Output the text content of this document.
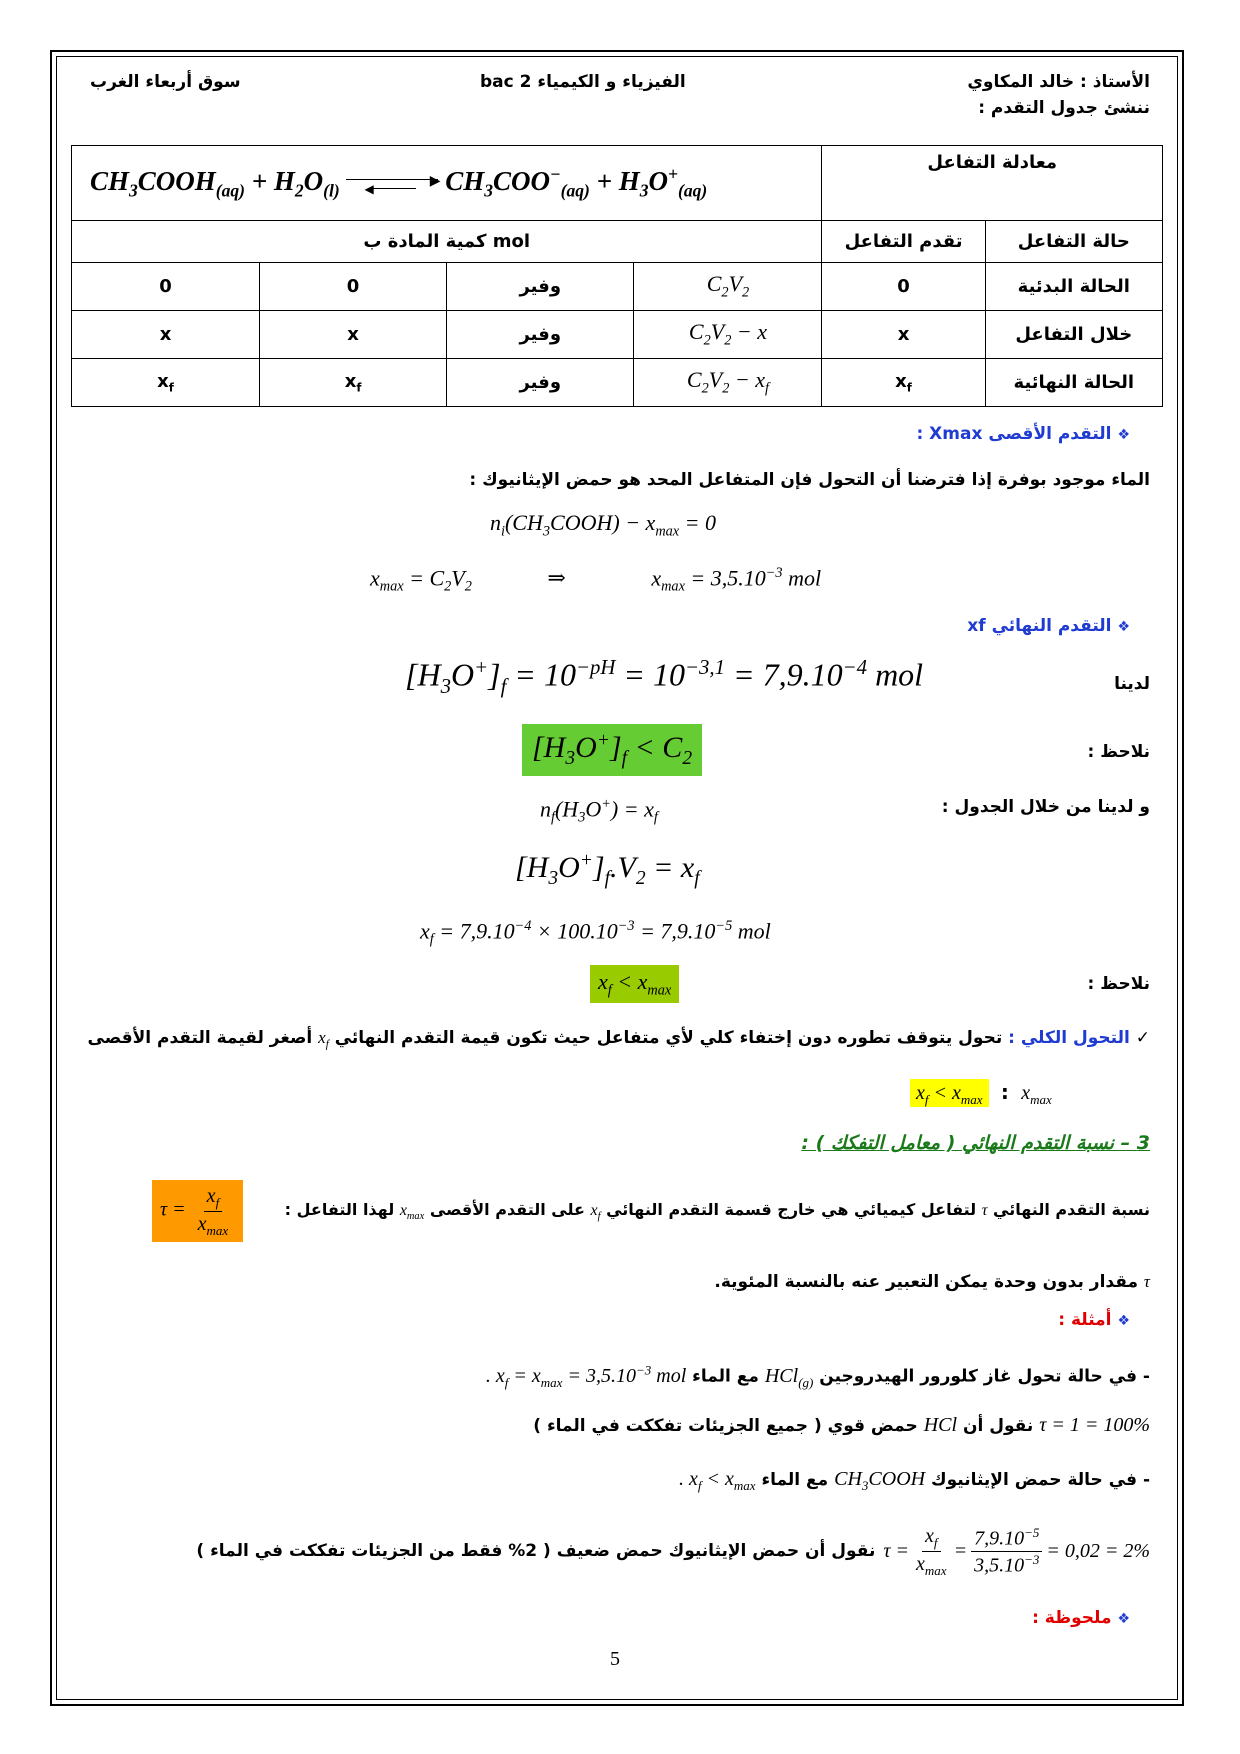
الأستاذ : خالد المكاوي
الفيزياء و الكيمياء 2 bac
سوق أربعاء الغرب
ننشئ جدول التقدم :
$CH_3COOH_{(aq)} + H_2O_{(l)}$ ▶
◀ $CH_3COO^-_{(aq)} + H_3O^+_{(aq)}$				معادلة التفاعل	
كمية المادة ب mol				تقدم التفاعل	حالة التفاعل
0	0	وفير	$C_2V_2$	0	الحالة البدئية
x	x	وفير	$C_2V_2 - x$	x	خلال التفاعل
$x_f$	$x_f$	وفير	$C_2V_2 - x_f$	$x_f$	الحالة النهائية
❖ التقدم الأقصى Xmax :
الماء موجود بوفرة إذا فترضنا أن التحول فإن المتفاعل المحد هو حمض الإيثانيوك :
$n_i(CH_3COOH) - x_{max} = 0$
$x_{max} = C_2V_2$	⇒	$x_{max} = 3,5.10^{-3}$ mol
❖ التقدم النهائي xf
لدينا
$[H_3O^+]_f = 10^{-pH} = 10^{-3,1} = 7,9.10^{-4}$ mol
نلاحظ :
$[H_3O^+]_f < C_2$
و لدينا من خلال الجدول :
$n_f(H_3O^+) = x_f$
$[H_3O^+]_f.V_2 = x_f$
$x_f = 7,9.10^{-4} \times 100.10^{-3} = 7,9.10^{-5}$ mol
نلاحظ :
$x_f < x_{max}$
✓ التحول الكلي : تحول يتوقف تطوره دون إختفاء كلي لأي متفاعل حيث تكون قيمة التقدم النهائي $x_f$ أصغر لقيمة التقدم الأقصى
$x_f < x_{max}$ : $x_{max}$
3 – نسبة التقدم النهائي ( معامل التفكك ) :
نسبة التقدم النهائي τ لتفاعل كيميائي هي خارج قسمة التقدم النهائي $x_f$ على التقدم الأقصى $x_{max}$ لهذا التفاعل :
$\tau = \frac{x_f}{x_{max}}$
τ مقدار بدون وحدة يمكن التعبير عنه بالنسبة المئوية.
❖ أمثلة :
- في حالة تحول غاز كلورور الهيدروجين HCl$_{(g)}$ مع الماء $x_f = x_{max} = 3,5.10^{-3}$ mol .
τ = 1 = 100% نقول أن HCl حمض قوي ( جميع الجزيئات تفككت في الماء )
- في حالة حمض الإيثانيوك $CH_3COOH$ مع الماء $x_f < x_{max}$ .
$\tau = \frac{x_f}{x_{max}} = \frac{7,9.10^{-5}}{3,5.10^{-3}} = 0,02 = 2\%$
نقول أن حمض الإيثانيوك حمض ضعيف ( 2% فقط من الجزيئات تفككت في الماء )
❖ ملحوظة :
5
